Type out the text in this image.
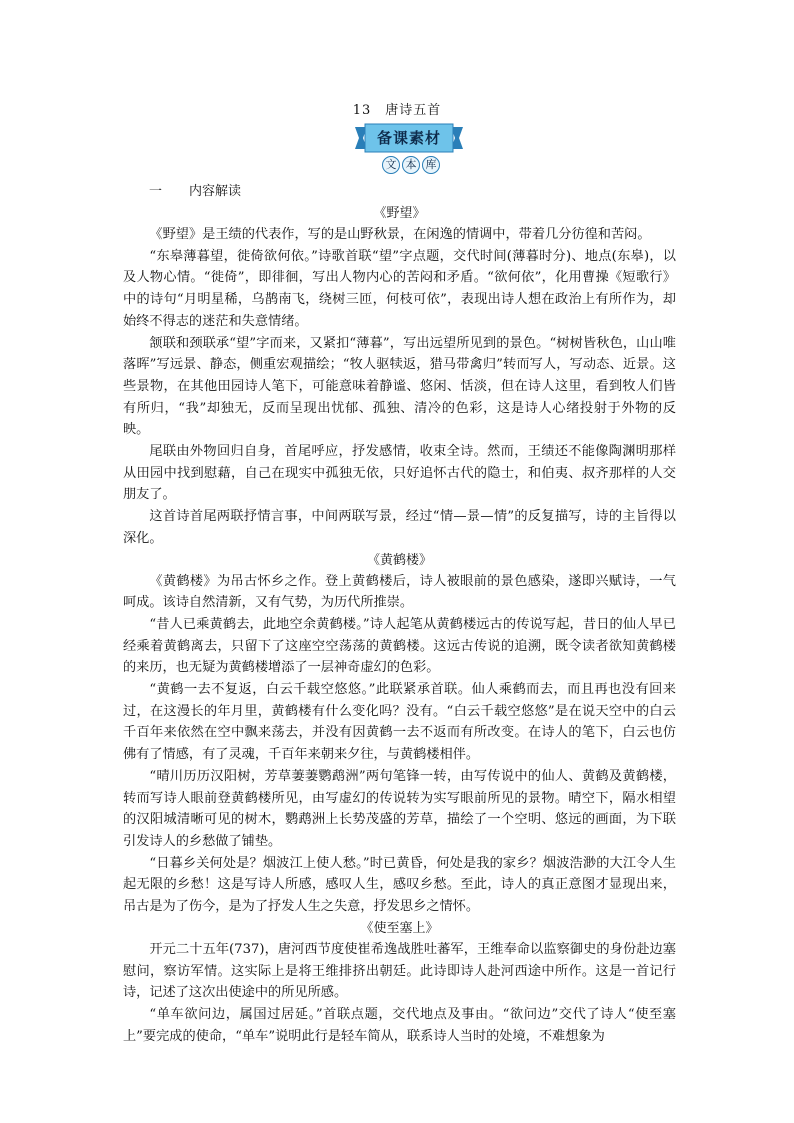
13　唐诗五首
备课素材
文 本 库
一	内容解读
《野望》

《野望》是王绩的代表作，写的是山野秋景，在闲逸的情调中，带着几分彷徨和苦闷。

“东皋薄暮望，徙倚欲何依。”诗歌首联“望”字点题，交代时间(薄暮时分)、地点(东皋)，以及人物心情。“徙倚”，即徘徊，写出人物内心的苦闷和矛盾。“欲何依”，化用曹操《短歌行》中的诗句“月明星稀，乌鹊南飞，绕树三匝，何枝可依”，表现出诗人想在政治上有所作为，却始终不得志的迷茫和失意情绪。

颔联和颈联承“望”字而来，又紧扣“薄暮”，写出远望所见到的景色。“树树皆秋色，山山唯落晖”写远景、静态，侧重宏观描绘；“牧人驱犊返，猎马带禽归”转而写人，写动态、近景。这些景物，在其他田园诗人笔下，可能意味着静谧、悠闲、恬淡，但在诗人这里，看到牧人们皆有所归，“我”却独无，反而呈现出忧郁、孤独、清冷的色彩，这是诗人心绪投射于外物的反映。

尾联由外物回归自身，首尾呼应，抒发感情，收束全诗。然而，王绩还不能像陶渊明那样从田园中找到慰藉，自己在现实中孤独无依，只好追怀古代的隐士，和伯夷、叔齐那样的人交朋友了。

这首诗首尾两联抒情言事，中间两联写景，经过“情—景—情”的反复描写，诗的主旨得以深化。

《黄鹤楼》

《黄鹤楼》为吊古怀乡之作。登上黄鹤楼后，诗人被眼前的景色感染，遂即兴赋诗，一气呵成。该诗自然清新，又有气势，为历代所推崇。

“昔人已乘黄鹤去，此地空余黄鹤楼。”诗人起笔从黄鹤楼远古的传说写起，昔日的仙人早已经乘着黄鹤离去，只留下了这座空空荡荡的黄鹤楼。这远古传说的追溯，既令读者欲知黄鹤楼的来历，也无疑为黄鹤楼增添了一层神奇虚幻的色彩。

“黄鹤一去不复返，白云千载空悠悠。”此联紧承首联。仙人乘鹤而去，而且再也没有回来过，在这漫长的年月里，黄鹤楼有什么变化吗？没有。“白云千载空悠悠”是在说天空中的白云千百年来依然在空中飘来荡去，并没有因黄鹤一去不返而有所改变。在诗人的笔下，白云也仿佛有了情感，有了灵魂，千百年来朝来夕往，与黄鹤楼相伴。

“晴川历历汉阳树，芳草萋萋鹦鹉洲”两句笔锋一转，由写传说中的仙人、黄鹤及黄鹤楼，转而写诗人眼前登黄鹤楼所见，由写虚幻的传说转为实写眼前所见的景物。晴空下，隔水相望的汉阳城清晰可见的树木，鹦鹉洲上长势茂盛的芳草，描绘了一个空明、悠远的画面，为下联引发诗人的乡愁做了铺垫。

“日暮乡关何处是？烟波江上使人愁。”时已黄昏，何处是我的家乡？烟波浩渺的大江令人生起无限的乡愁！这是写诗人所感，感叹人生，感叹乡愁。至此，诗人的真正意图才显现出来，吊古是为了伤今，是为了抒发人生之失意，抒发思乡之情怀。

《使至塞上》

开元二十五年(737)，唐河西节度使崔希逸战胜吐蕃军，王维奉命以监察御史的身份赴边塞慰问，察访军情。这实际上是将王维排挤出朝廷。此诗即诗人赴河西途中所作。这是一首记行诗，记述了这次出使途中的所见所感。

“单车欲问边，属国过居延。”首联点题，交代地点及事由。“欲问边”交代了诗人“使至塞上”要完成的使命，“单车”说明此行是轻车简从，联系诗人当时的处境，不难想象为
